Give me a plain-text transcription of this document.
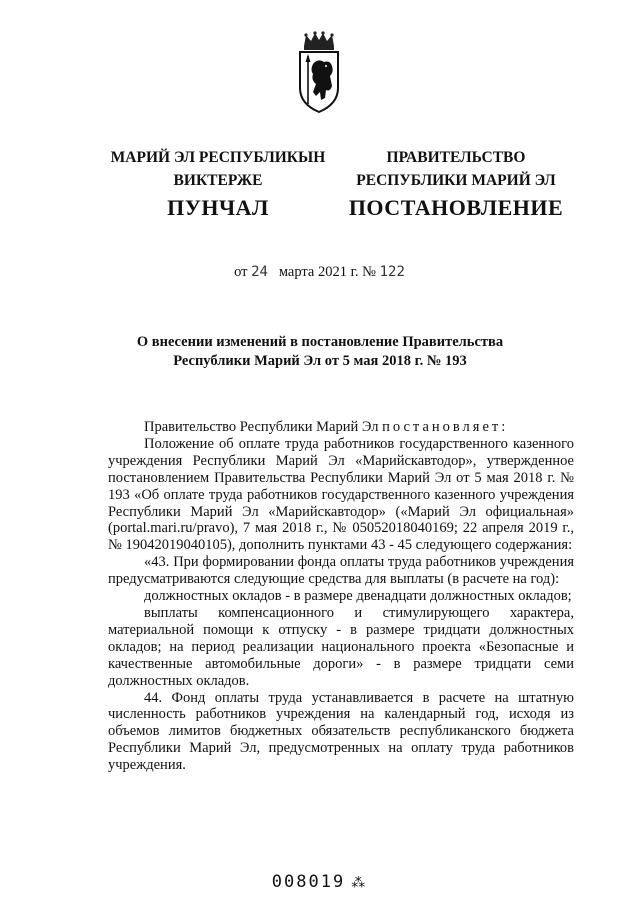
МАРИЙ ЭЛ РЕСПУБЛИКЫН
ВИКТЕРЖЕ
ПУНЧАЛ
ПРАВИТЕЛЬСТВО
РЕСПУБЛИКИ МАРИЙ ЭЛ
ПОСТАНОВЛЕНИЕ
от 24 марта 2021 г. № 122
О внесении изменений в постановление Правительства
Республики Марий Эл от 5 мая 2018 г. № 193

Правительство Республики Марий Эл постановляет:

Положение об оплате труда работников государственного казенного учреждения Республики Марий Эл «Марийскавтодор», утвержденное постановлением Правительства Республики Марий Эл от 5 мая 2018 г. № 193 «Об оплате труда работников государственного казенного учреждения Республики Марий Эл «Марийскавтодор» («Марий Эл официальная» (portal.mari.ru/pravo), 7 мая 2018 г., № 05052018040169; 22 апреля 2019 г., № 19042019040105), дополнить пунктами 43 - 45 следующего содержания:

«43. При формировании фонда оплаты труда работников учреждения предусматриваются следующие средства для выплаты (в расчете на год):

должностных окладов - в размере двенадцати должностных окладов;

выплаты компенсационного и стимулирующего характера, материальной помощи к отпуску - в размере тридцати должностных окладов; на период реализации национального проекта «Безопасные и качественные автомобильные дороги» - в размере тридцати семи должностных окладов.

44. Фонд оплаты труда устанавливается в расчете на штатную численность работников учреждения на календарный год, исходя из объемов лимитов бюджетных обязательств республиканского бюджета Республики Марий Эл, предусмотренных на оплату труда работников учреждения.

008019 ⁂
